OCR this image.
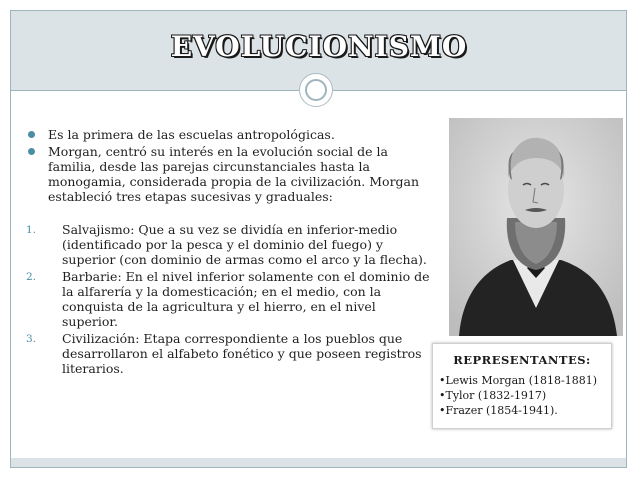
EVOLUCIONISMO
Es la primera de las escuelas antropológicas.
Morgan, centró su interés en la evolución social de la familia, desde las parejas circunstanciales hasta la monogamia, considerada propia de la civilización. Morgan estableció tres etapas sucesivas y graduales:
1. Salvajismo: Que a su vez se dividía en inferior-medio (identificado por la pesca y el dominio del fuego) y superior (con dominio de armas como el arco y la flecha).
2. Barbarie: En el nivel inferior solamente con el dominio de la alfarería y la domesticación; en el medio, con la conquista de la agricultura y el hierro, en el nivel superior.
3. Civilización: Etapa correspondiente a los pueblos que desarrollaron el alfabeto fonético y que poseen registros literarios.
REPRESENTANTES:
•Lewis Morgan (1818-1881)
•Tylor (1832-1917)
•Frazer (1854-1941).
